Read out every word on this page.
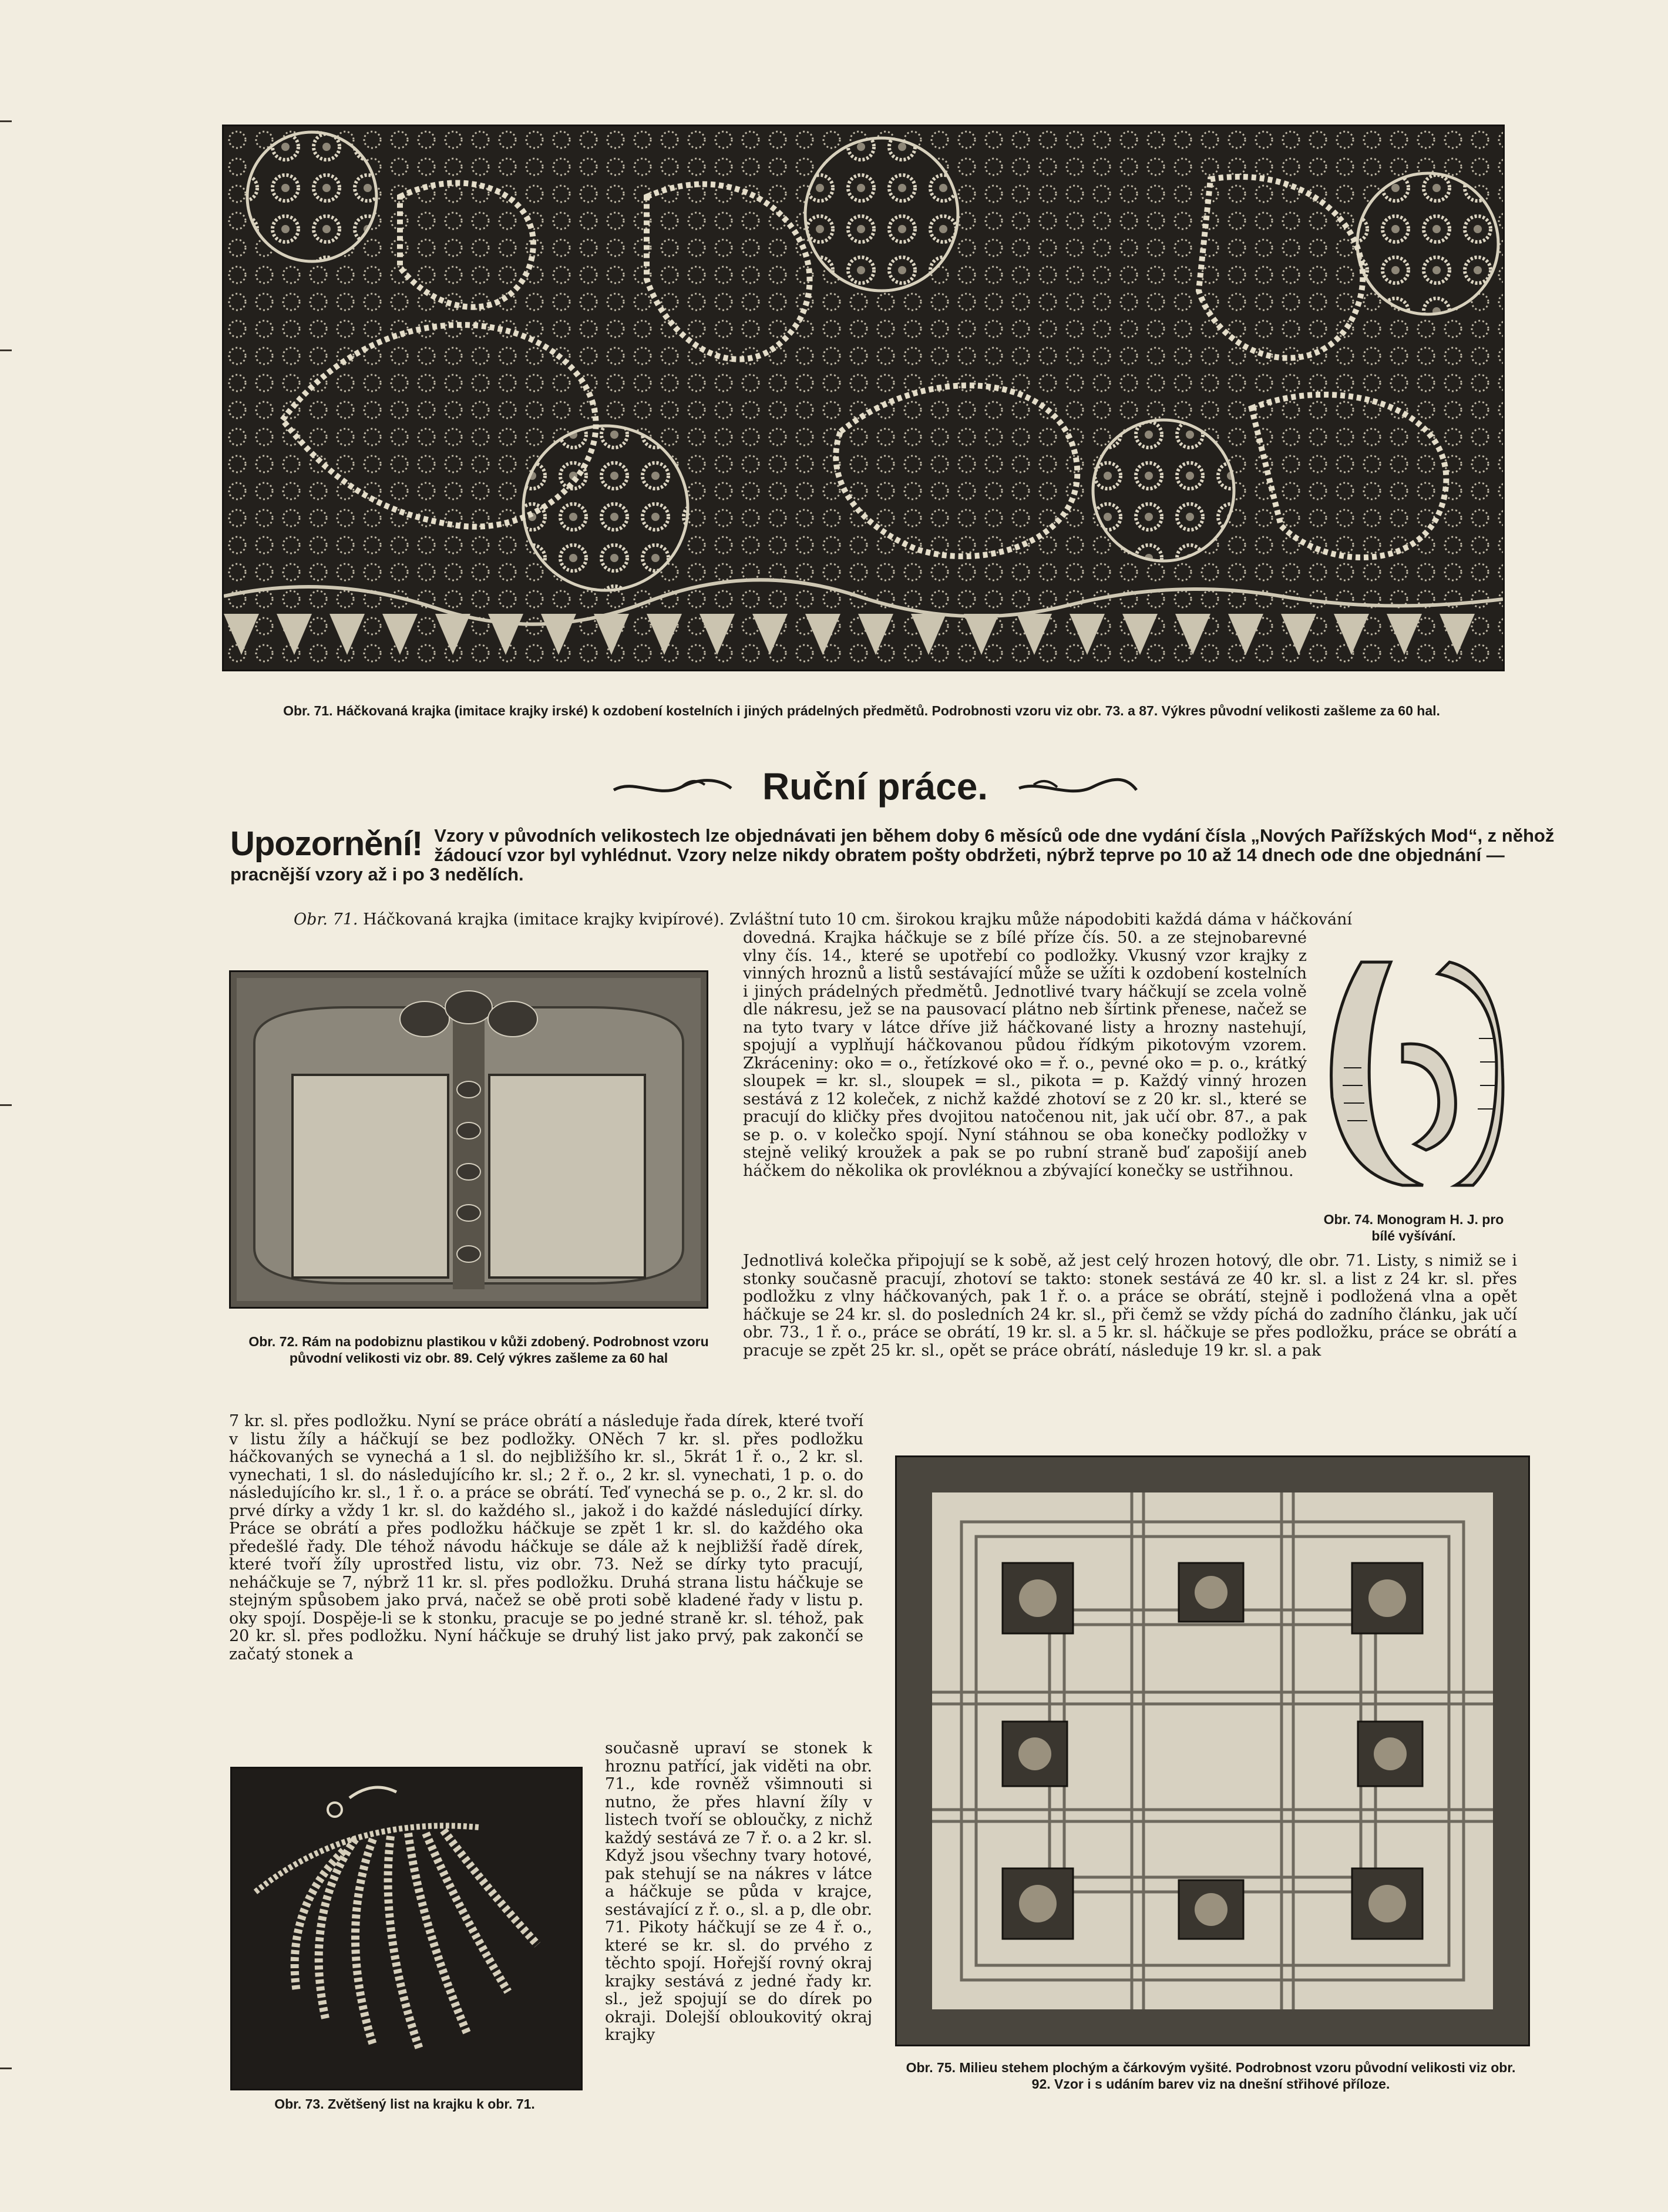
Obr. 71. Háčkovaná krajka (imitace krajky irské) k ozdobení kostelních i jiných prádelných předmětů. Podrobnosti vzoru viz obr. 73. a 87. Výkres původní velikosti zašleme za 60 hal.
Ruční práce.
Upozornění! Vzory v původních velikostech lze objednávati jen během doby 6 měsíců ode dne vydání čísla „Nových Pařížských Mod“, z něhož žádoucí vzor byl vyhlédnut. Vzory nelze nikdy obratem pošty obdržeti, nýbrž teprve po 10 až 14 dnech ode dne objednání — pracnější vzory až i po 3 nedělích.
Obr. 71. Háčkovaná krajka (imitace krajky kvipírové). Zvláštní tuto 10 cm. širokou krajku může nápodobiti každá dáma v háčkování
Obr. 72. Rám na podobiznu plastikou v kůži zdobený. Podrobnost vzoru původní velikosti viz obr. 89. Celý výkres zašleme za 60 hal
dovedná. Krajka háčkuje se z bílé příze čís. 50. a ze stejnobarevné vlny čís. 14., které se upotřebí co podložky. Vkusný vzor krajky z vinných hroznů a listů sestávající může se užíti k ozdobení kostelních i jiných prádelných předmětů. Jednotlivé tvary háčkují se zcela volně dle nákresu, jež se na pausovací plátno neb šírtink přenese, načež se na tyto tvary v látce dříve již háčkované listy a hrozny nastehují, spojují a vyplňují háčkovanou půdou řídkým pikotovým vzorem. Zkráceniny: oko = o., řetízkové oko = ř. o., pevné oko = p. o., krátký sloupek = kr. sl., sloupek = sl., pikota = p. Každý vinný hrozen sestává z 12 koleček, z nichž každé zhotoví se z 20 kr. sl., které se pracují do kličky přes dvojitou natočenou nit, jak učí obr. 87., a pak se p. o. v kolečko spojí. Nyní stáhnou se oba konečky podložky v stejně veliký kroužek a pak se po rubní straně buď zapošijí aneb háčkem do několika ok provléknou a zbývající konečky se ustřihnou.
Obr. 74. Monogram H. J. pro bílé vyšívání.
Jednotlivá kolečka připojují se k sobě, až jest celý hrozen hotový, dle obr. 71. Listy, s nimiž se i stonky současně pracují, zhotoví se takto: stonek sestává ze 40 kr. sl. a list z 24 kr. sl. přes podložku z vlny háčkovaných, pak 1 ř. o. a práce se obrátí, stejně i podložená vlna a opět háčkuje se 24 kr. sl. do posledních 24 kr. sl., při čemž se vždy píchá do zadního článku, jak učí obr. 73., 1 ř. o., práce se obrátí, 19 kr. sl. a 5 kr. sl. háčkuje se přes podložku, práce se obrátí a pracuje se zpět 25 kr. sl., opět se práce obrátí, následuje 19 kr. sl. a pak
7 kr. sl. přes podložku. Nyní se práce obrátí a následuje řada dírek, které tvoří v listu žíly a háčkují se bez podložky. ONěch 7 kr. sl. přes podložku háčkovaných se vynechá a 1 sl. do nejbližšího kr. sl., 5krát 1 ř. o., 2 kr. sl. vynechati, 1 sl. do následujícího kr. sl.; 2 ř. o., 2 kr. sl. vynechati, 1 p. o. do následujícího kr. sl., 1 ř. o. a práce se obrátí. Teď vynechá se p. o., 2 kr. sl. do prvé dírky a vždy 1 kr. sl. do každého sl., jakož i do každé následující dírky. Práce se obrátí a přes podložku háčkuje se zpět 1 kr. sl. do každého oka předešlé řady. Dle téhož návodu háčkuje se dále až k nejbližší řadě dírek, které tvoří žíly uprostřed listu, viz obr. 73. Než se dírky tyto pracují, neháčkuje se 7, nýbrž 11 kr. sl. přes podložku. Druhá strana listu háčkuje se stejným spůsobem jako prvá, načež se obě proti sobě kladené řady v listu p. oky spojí. Dospěje-li se k stonku, pracuje se po jedné straně kr. sl. téhož, pak 20 kr. sl. přes podložku. Nyní háčkuje se druhý list jako prvý, pak zakončí se začatý stonek a
Obr. 73. Zvětšený list na krajku k obr. 71.
současně upraví se stonek k hroznu patřící, jak viděti na obr. 71., kde rovněž všimnouti si nutno, že přes hlavní žíly v listech tvoří se obloučky, z nichž každý sestává ze 7 ř. o. a 2 kr. sl. Když jsou všechny tvary hotové, pak stehují se na nákres v látce a háčkuje se půda v krajce, sestávající z ř. o., sl. a p, dle obr. 71. Pikoty háčkují se ze 4 ř. o., které se kr. sl. do prvého z těchto spojí. Hořejší rovný okraj krajky sestává z jedné řady kr. sl., jež spojují se do dírek po okraji. Dolejší obloukovitý okraj krajky
Obr. 75. Milieu stehem plochým a čárkovým vyšité. Podrobnost vzoru původní velikosti viz obr. 92. Vzor i s udáním barev viz na dnešní střihové příloze.
